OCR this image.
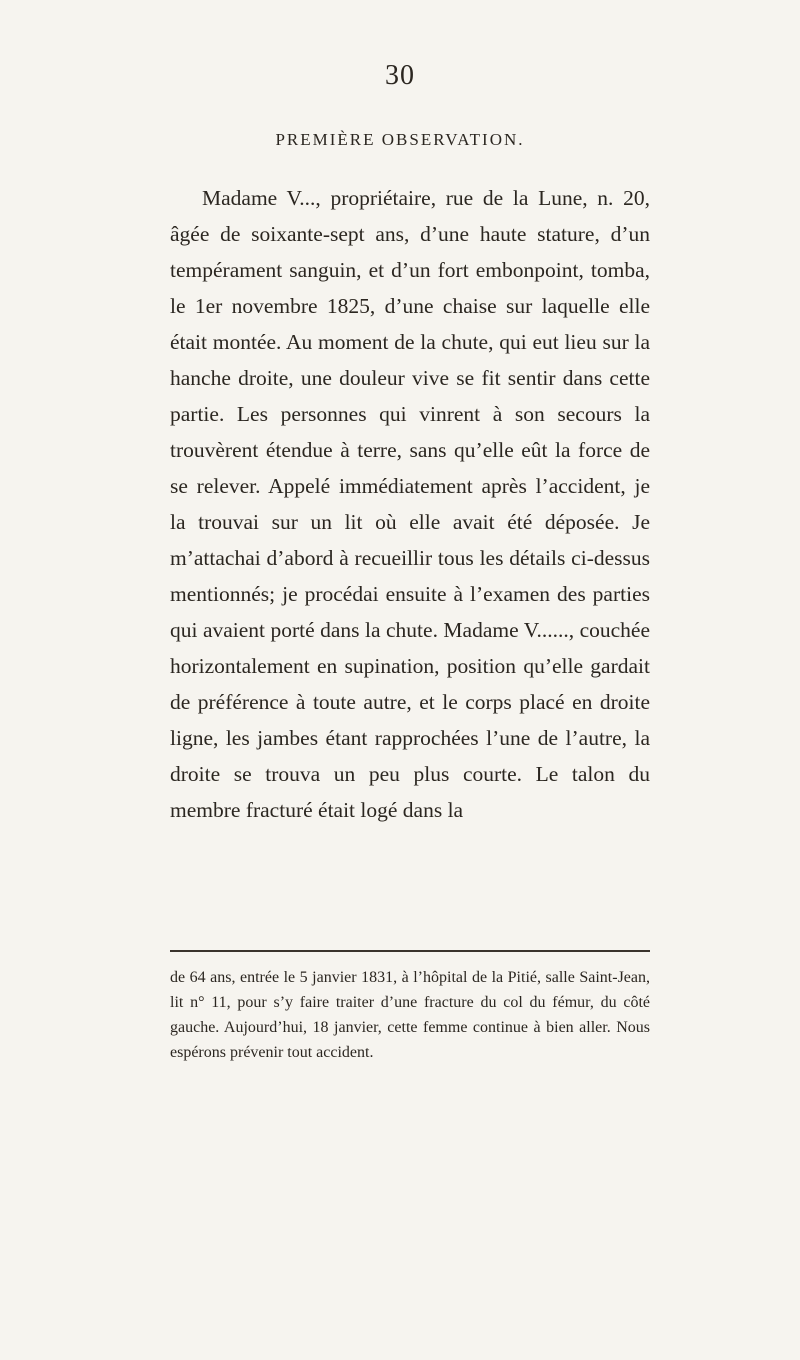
30
PREMIÈRE OBSERVATION.

Madame V..., propriétaire, rue de la Lune, n. 20, âgée de soixante-sept ans, d’une haute stature, d’un tempérament sanguin, et d’un fort embonpoint, tomba, le 1er novembre 1825, d’une chaise sur laquelle elle était montée. Au moment de la chute, qui eut lieu sur la hanche droite, une douleur vive se fit sentir dans cette partie. Les personnes qui vinrent à son secours la trouvèrent étendue à terre, sans qu’elle eût la force de se relever. Appelé immédiatement après l’accident, je la trouvai sur un lit où elle avait été déposée. Je m’attachai d’abord à recueillir tous les détails ci-dessus mentionnés; je procédai ensuite à l’examen des parties qui avaient porté dans la chute. Madame V......, couchée horizontalement en supination, position qu’elle gardait de préférence à toute autre, et le corps placé en droite ligne, les jambes étant rapprochées l’une de l’autre, la droite se trouva un peu plus courte. Le talon du membre fracturé était logé dans la

de 64 ans, entrée le 5 janvier 1831, à l’hôpital de la Pitié, salle Saint-Jean, lit n° 11, pour s’y faire traiter d’une fracture du col du fémur, du côté gauche. Aujourd’hui, 18 janvier, cette femme continue à bien aller. Nous espérons prévenir tout accident.
